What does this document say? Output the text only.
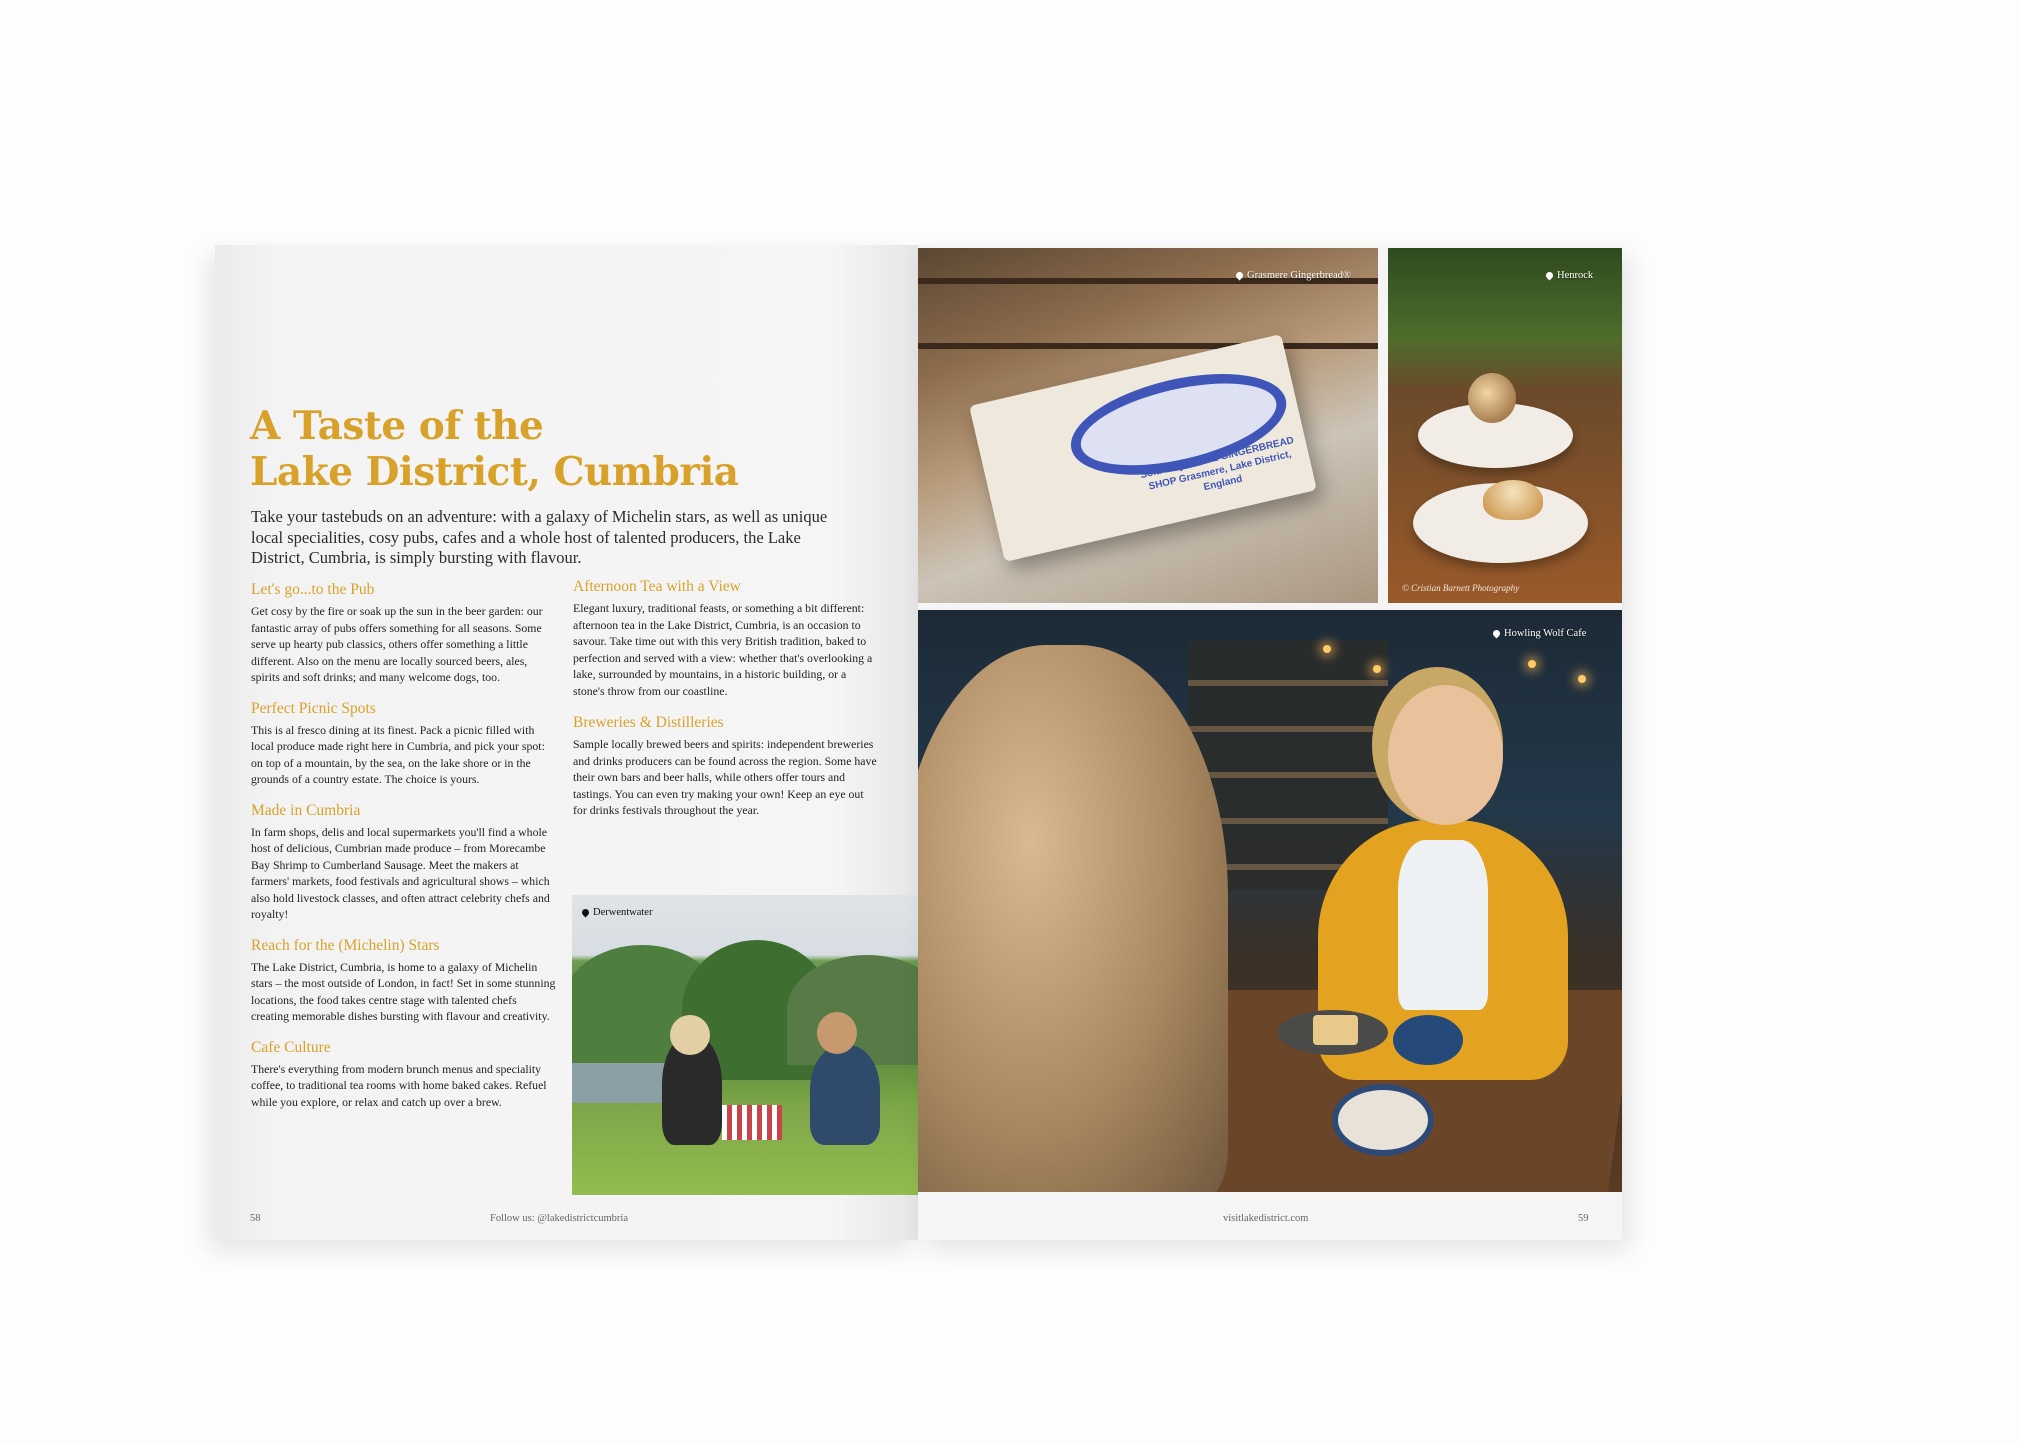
A Taste of the
Lake District, Cumbria

Take your tastebuds on an adventure: with a galaxy of Michelin stars, as well as unique local specialities, cosy pubs, cafes and a whole host of talented producers, the Lake District, Cumbria, is simply bursting with flavour.

Let's go...to the Pub

Get cosy by the fire or soak up the sun in the beer garden: our fantastic array of pubs offers something for all seasons. Some serve up hearty pub classics, others offer something a little different. Also on the menu are locally sourced beers, ales, spirits and soft drinks; and many welcome dogs, too.

Perfect Picnic Spots

This is al fresco dining at its finest. Pack a picnic filled with local produce made right here in Cumbria, and pick your spot: on top of a mountain, by the sea, on the lake shore or in the grounds of a country estate. The choice is yours.

Made in Cumbria

In farm shops, delis and local supermarkets you'll find a whole host of delicious, Cumbrian made produce – from Morecambe Bay Shrimp to Cumberland Sausage. Meet the makers at farmers' markets, food festivals and agricultural shows – which also hold livestock classes, and often attract celebrity chefs and royalty!

Reach for the (Michelin) Stars

The Lake District, Cumbria, is home to a galaxy of Michelin stars – the most outside of London, in fact! Set in some stunning locations, the food takes centre stage with talented chefs creating memorable dishes bursting with flavour and creativity.

Cafe Culture

There's everything from modern brunch menus and speciality coffee, to traditional tea rooms with home baked cakes. Refuel while you explore, or relax and catch up over a brew.

Afternoon Tea with a View

Elegant luxury, traditional feasts, or something a bit different: afternoon tea in the Lake District, Cumbria, is an occasion to savour. Take time out with this very British tradition, baked to perfection and served with a view: whether that's overlooking a lake, surrounded by mountains, in a historic building, or a stone's throw from our coastline.

Breweries & Distilleries

Sample locally brewed beers and spirits: independent breweries and drinks producers can be found across the region. Some have their own bars and beer halls, while others offer tours and tastings. You can even try making your own! Keep an eye out for drinks festivals throughout the year.

Derwentwater
58	Follow us: @lakedistrictcumbria
Sold only at THE GINGERBREAD SHOP Grasmere, Lake District, England
Grasmere Gingerbread®	Henrock
© Cristian Barnett Photography
Howling Wolf Cafe
visitlakedistrict.com	59
